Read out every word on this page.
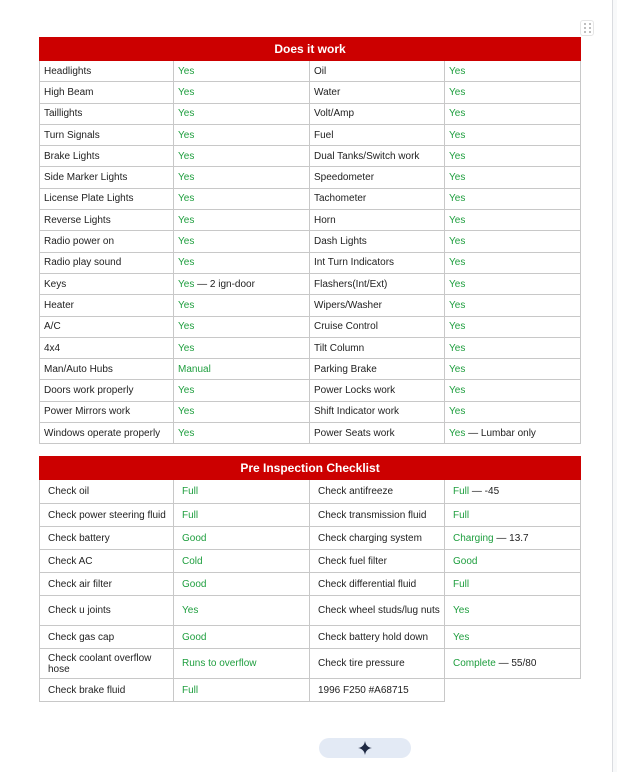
Does it work			
Headlights	Yes	Oil	Yes
High Beam	Yes	Water	Yes
Taillights	Yes	Volt/Amp	Yes
Turn Signals	Yes	Fuel	Yes
Brake Lights	Yes	Dual Tanks/Switch work	Yes
Side Marker Lights	Yes	Speedometer	Yes
License Plate Lights	Yes	Tachometer	Yes
Reverse Lights	Yes	Horn	Yes
Radio power on	Yes	Dash Lights	Yes
Radio play sound	Yes	Int Turn Indicators	Yes
Keys	Yes — 2 ign-door	Flashers(Int/Ext)	Yes
Heater	Yes	Wipers/Washer	Yes
A/C	Yes	Cruise Control	Yes
4x4	Yes	Tilt Column	Yes
Man/Auto Hubs	Manual	Parking Brake	Yes
Doors work properly	Yes	Power Locks work	Yes
Power Mirrors work	Yes	Shift Indicator work	Yes
Windows operate properly	Yes	Power Seats work	Yes — Lumbar only
Pre Inspection Checklist			
Check oil	Full	Check antifreeze	Full — -45
Check power steering fluid	Full	Check transmission fluid	Full
Check battery	Good	Check charging system	Charging — 13.7
Check AC	Cold	Check fuel filter	Good
Check air filter	Good	Check differential fluid	Full
Check u joints	Yes	Check wheel studs/lug nuts	Yes
Check gas cap	Good	Check battery hold down	Yes
Check coolant overflow hose	Runs to overflow	Check tire pressure	Complete — 55/80
Check brake fluid	Full	1996 F250 #A68715	
